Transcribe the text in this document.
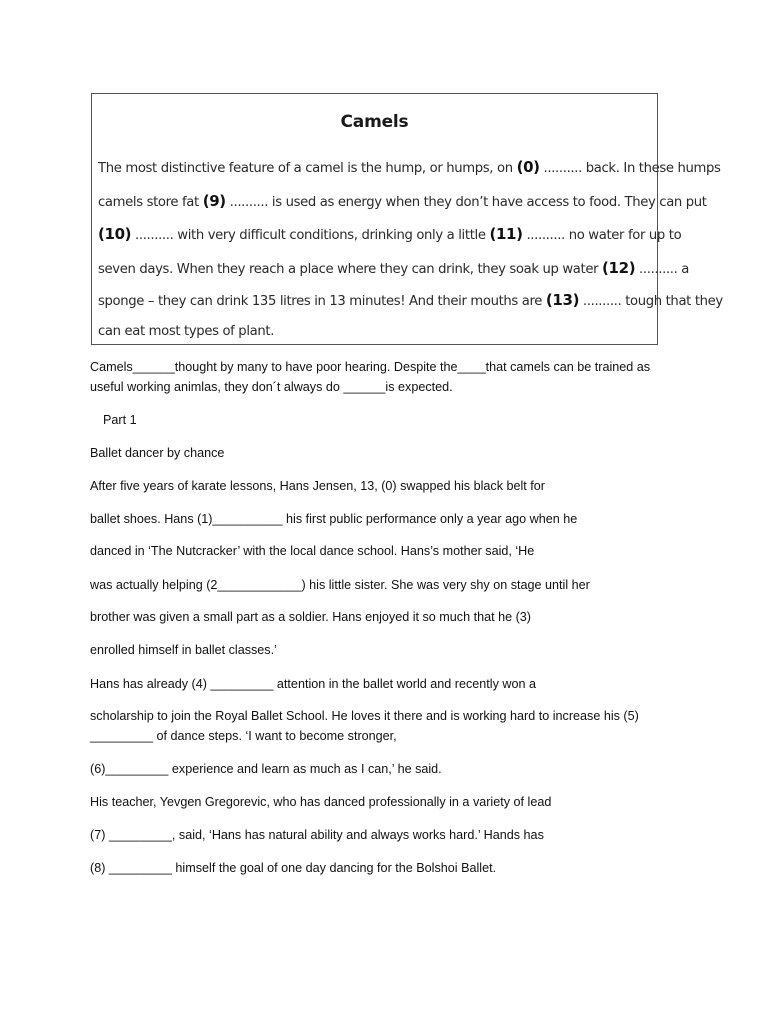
Camels
The most distinctive feature of a camel is the hump, or humps, on (0) .......... back. In these humps
camels store fat (9) .......... is used as energy when they don’t have access to food. They can put
(10) .......... with very difficult conditions, drinking only a little (11) .......... no water for up to
seven days. When they reach a place where they can drink, they soak up water (12) .......... a
sponge – they can drink 135 litres in 13 minutes! And their mouths are (13) .......... tough that they
can eat most types of plant.
Camels______thought by many to have poor hearing. Despite the____that camels can be trained as
useful working animlas, they don´t always do ______is expected.
Part 1
Ballet dancer by chance
After five years of karate lessons, Hans Jensen, 13, (0) swapped his black belt for
ballet shoes. Hans (1)__________ his first public performance only a year ago when he
danced in ‘The Nutcracker’ with the local dance school. Hans’s mother said, ‘He
was actually helping (2____________) his little sister. She was very shy on stage until her
brother was given a small part as a soldier. Hans enjoyed it so much that he (3)
enrolled himself in ballet classes.’
Hans has already (4) _________ attention in the ballet world and recently won a
scholarship to join the Royal Ballet School. He loves it there and is working hard to increase his (5)
_________ of dance steps. ‘I want to become stronger,
(6)_________ experience and learn as much as I can,’ he said.
His teacher, Yevgen Gregorevic, who has danced professionally in a variety of lead
(7) _________, said, ‘Hans has natural ability and always works hard.’ Hands has
(8) _________ himself the goal of one day dancing for the Bolshoi Ballet.
